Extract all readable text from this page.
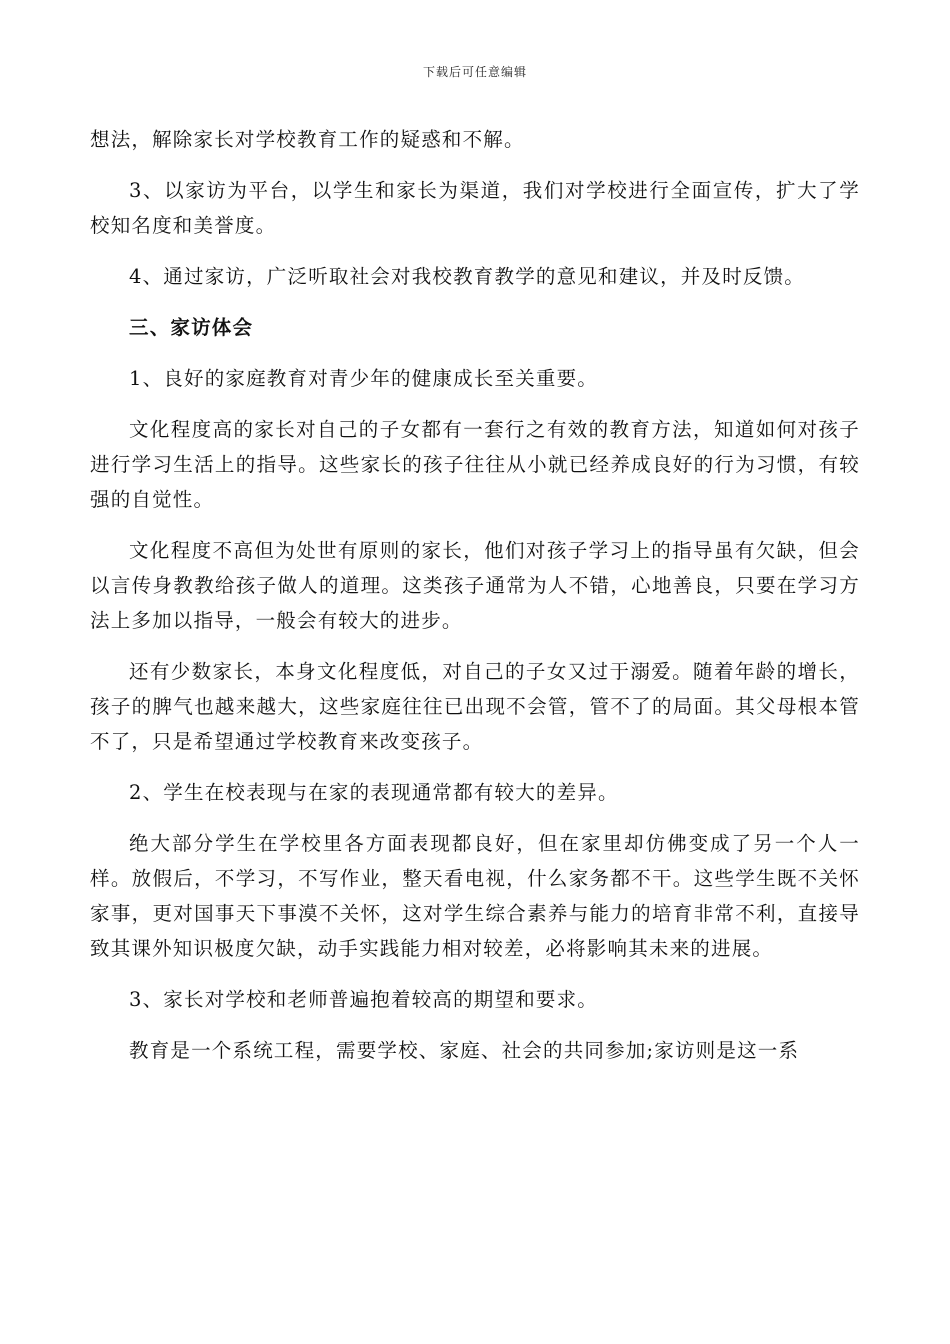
下载后可任意编辑

想法，解除家长对学校教育工作的疑惑和不解。

3、以家访为平台，以学生和家长为渠道，我们对学校进行全面宣传，扩大了学校知名度和美誉度。

4、通过家访，广泛听取社会对我校教育教学的意见和建议，并及时反馈。

三、家访体会

1、良好的家庭教育对青少年的健康成长至关重要。

文化程度高的家长对自己的子女都有一套行之有效的教育方法，知道如何对孩子进行学习生活上的指导。这些家长的孩子往往从小就已经养成良好的行为习惯，有较强的自觉性。

文化程度不高但为处世有原则的家长，他们对孩子学习上的指导虽有欠缺，但会以言传身教教给孩子做人的道理。这类孩子通常为人不错，心地善良，只要在学习方法上多加以指导，一般会有较大的进步。

还有少数家长，本身文化程度低，对自己的子女又过于溺爱。随着年龄的增长，孩子的脾气也越来越大，这些家庭往往已出现不会管，管不了的局面。其父母根本管不了，只是希望通过学校教育来改变孩子。

2、学生在校表现与在家的表现通常都有较大的差异。

绝大部分学生在学校里各方面表现都良好，但在家里却仿佛变成了另一个人一样。放假后，不学习，不写作业，整天看电视，什么家务都不干。这些学生既不关怀家事，更对国事天下事漠不关怀，这对学生综合素养与能力的培育非常不利，直接导致其课外知识极度欠缺，动手实践能力相对较差，必将影响其未来的进展。

3、家长对学校和老师普遍抱着较高的期望和要求。

教育是一个系统工程，需要学校、家庭、社会的共同参加;家访则是这一系
